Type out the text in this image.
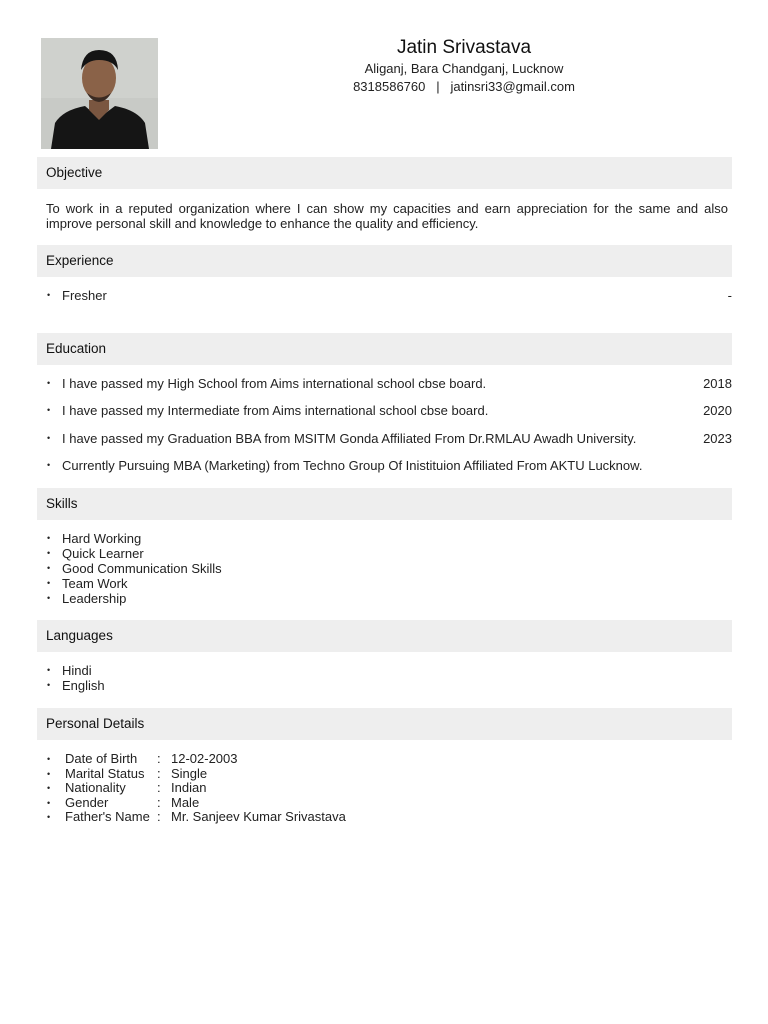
Jatin Srivastava
Aliganj, Bara Chandganj, Lucknow
8318586760 | jatinsri33@gmail.com
Objective
To work in a reputed organization where I can show my capacities and earn appreciation for the same and also improve personal skill and knowledge to enhance the quality and efficiency.
Experience
• Fresher	-
Education
• I have passed my High School from Aims international school cbse board.	2018
• I have passed my Intermediate from Aims international school cbse board.	2020
• I have passed my Graduation BBA from MSITM Gonda Affiliated From Dr.RMLAU Awadh University.	2023
• Currently Pursuing MBA (Marketing) from Techno Group Of Inistituion Affiliated From AKTU Lucknow.
Skills
• Hard Working
• Quick Learner
• Good Communication Skills
• Team Work
• Leadership
Languages
• Hindi
• English
Personal Details
• Date of Birth : 12-02-2003
• Marital Status : Single
• Nationality : Indian
• Gender	: Male
• Father's Name : Mr. Sanjeev Kumar Srivastava
